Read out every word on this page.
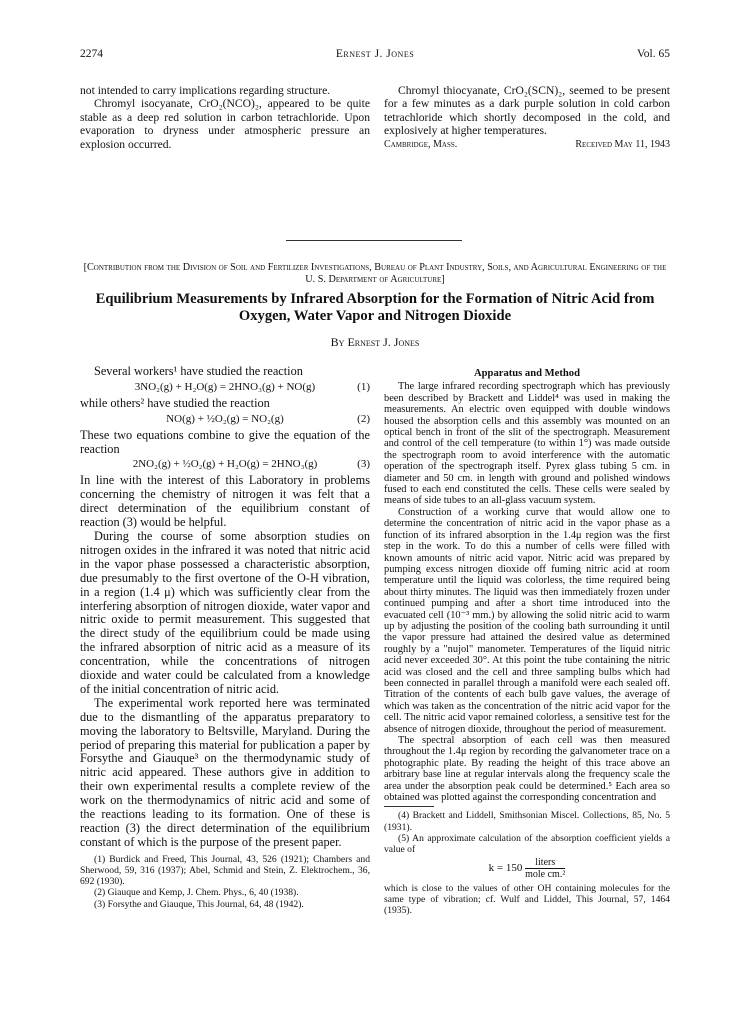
2274	Ernest J. Jones	Vol. 65

not intended to carry implications regarding structure.

Chromyl isocyanate, CrO₂(NCO)₂, appeared to be quite stable as a deep red solution in carbon tetrachloride. Upon evaporation to dryness under atmospheric pressure an explosion occurred.

Chromyl thiocyanate, CrO₂(SCN)₂, seemed to be present for a few minutes as a dark purple solution in cold carbon tetrachloride which shortly decomposed in the cold, and explosively at higher temperatures.

Cambridge, Mass.	Received May 11, 1943
[Contribution from the Division of Soil and Fertilizer Investigations, Bureau of Plant Industry, Soils, and Agricultural Engineering of the U. S. Department of Agriculture]
Equilibrium Measurements by Infrared Absorption for the Formation of Nitric Acid from Oxygen, Water Vapor and Nitrogen Dioxide
By Ernest J. Jones

Several workers¹ have studied the reaction

3NO₂(g) + H₂O(g) = 2HNO₃(g) + NO(g)	(1)

while others² have studied the reaction

NO(g) + ½O₂(g) = NO₂(g)	(2)

These two equations combine to give the equation of the reaction

2NO₂(g) + ½O₂(g) + H₂O(g) = 2HNO₃(g)	(3)

In line with the interest of this Laboratory in problems concerning the chemistry of nitrogen it was felt that a direct determination of the equilibrium constant of reaction (3) would be helpful.

During the course of some absorption studies on nitrogen oxides in the infrared it was noted that nitric acid in the vapor phase possessed a characteristic absorption, due presumably to the first overtone of the O-H vibration, in a region (1.4 μ) which was sufficiently clear from the interfering absorption of nitrogen dioxide, water vapor and nitric oxide to permit measurement. This suggested that the direct study of the equilibrium could be made using the infrared absorption of nitric acid as a measure of its concentration, while the concentrations of nitrogen dioxide and water could be calculated from a knowledge of the initial concentration of nitric acid.

The experimental work reported here was terminated due to the dismantling of the apparatus preparatory to moving the laboratory to Beltsville, Maryland. During the period of preparing this material for publication a paper by Forsythe and Giauque³ on the thermodynamic study of nitric acid appeared. These authors give in addition to their own experimental results a complete review of the work on the thermodynamics of nitric acid and some of the reactions leading to its formation. One of these is reaction (3) the direct determination of the equilibrium constant of which is the purpose of the present paper.

(1) Burdick and Freed, This Journal, 43, 526 (1921); Chambers and Sherwood, 59, 316 (1937); Abel, Schmid and Stein, Z. Elektrochem., 36, 692 (1930).

(2) Giauque and Kemp, J. Chem. Phys., 6, 40 (1938).

(3) Forsythe and Giauque, This Journal, 64, 48 (1942).

Apparatus and Method

The large infrared recording spectrograph which has previously been described by Brackett and Liddel⁴ was used in making the measurements. An electric oven equipped with double windows housed the absorption cells and this assembly was mounted on an optical bench in front of the slit of the spectrograph. Measurement and control of the cell temperature (to within 1°) was made outside the spectrograph room to avoid interference with the automatic operation of the spectrograph itself. Pyrex glass tubing 5 cm. in diameter and 50 cm. in length with ground and polished windows fused to each end constituted the cells. These cells were sealed by means of side tubes to an all-glass vacuum system.

Construction of a working curve that would allow one to determine the concentration of nitric acid in the vapor phase as a function of its infrared absorption in the 1.4μ region was the first step in the work. To do this a number of cells were filled with known amounts of nitric acid vapor. Nitric acid was prepared by pumping excess nitrogen dioxide off fuming nitric acid at room temperature until the liquid was colorless, the time required being about thirty minutes. The liquid was then immediately frozen under continued pumping and after a short time introduced into the evacuated cell (10⁻³ mm.) by allowing the solid nitric acid to warm up by adjusting the position of the cooling bath surrounding it until the vapor pressure had attained the desired value as determined roughly by a "nujol" manometer. Temperatures of the liquid nitric acid never exceeded 30°. At this point the tube containing the nitric acid was closed and the cell and three sampling bulbs which had been connected in parallel through a manifold were each sealed off. Titration of the contents of each bulb gave values, the average of which was taken as the concentration of the nitric acid vapor for the cell. The nitric acid vapor remained colorless, a sensitive test for the absence of nitrogen dioxide, throughout the period of measurement.

The spectral absorption of each cell was then measured throughout the 1.4μ region by recording the galvanometer trace on a photographic plate. By reading the height of this trace above an arbitrary base line at regular intervals along the frequency scale the area under the absorption peak could be determined.⁵ Each area so obtained was plotted against the corresponding concentration and

(4) Brackett and Liddell, Smithsonian Miscel. Collections, 85, No. 5 (1931).

(5) An approximate calculation of the absorption coefficient yields a value of

$k = 150 \frac{\text{liters}}{\text{mole cm.²}}$

which is close to the values of other OH containing molecules for the same type of vibration; cf. Wulf and Liddel, This Journal, 57, 1464 (1935).
